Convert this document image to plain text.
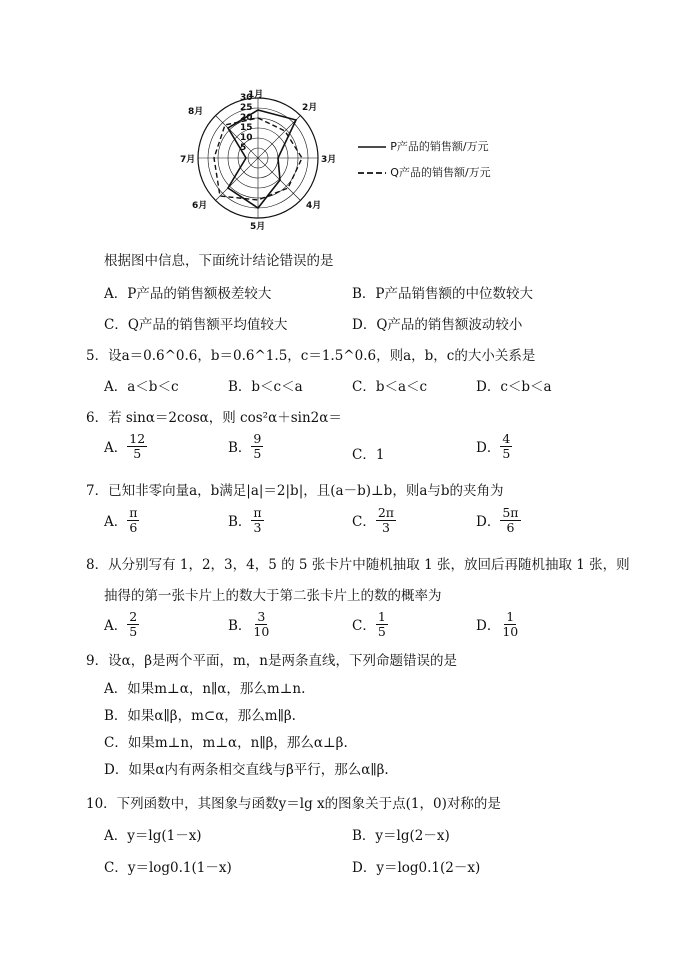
30
25
20
15
10
5
1月
2月
3月
4月
5月
6月
7月
8月
P产品的销售额/万元
Q产品的销售额/万元
根据图中信息，下面统计结论错误的是
A．P产品的销售额极差较大	B．P产品销售额的中位数较大
C．Q产品的销售额平均值较大	D．Q产品的销售额波动较小
5．设a＝0.6^0.6，b＝0.6^1.5，c＝1.5^0.6，则a，b，c的大小关系是
A．a＜b＜c	B．b＜c＜a	C．b＜a＜c	D．c＜b＜a
6．若 sinα＝2cosα，则 cos²α＋sin2α＝
A． $\frac{12}{5}$	B． $\frac{9}{5}$	C．1	D． $\frac{4}{5}$
7．已知非零向量a，b满足|a|＝2|b|，且(a－b)⊥b，则a与b的夹角为
A． $\frac{\pi}{6}$	B． $\frac{\pi}{3}$	C． $\frac{2\pi}{3}$	D． $\frac{5\pi}{6}$
8．从分别写有 1，2，3，4，5 的 5 张卡片中随机抽取 1 张，放回后再随机抽取 1 张，则
抽得的第一张卡片上的数大于第二张卡片上的数的概率为
A． $\frac{2}{5}$	B． $\frac{3}{10}$	C． $\frac{1}{5}$	D． $\frac{1}{10}$
9．设α，β是两个平面，m，n是两条直线，下列命题错误的是
A．如果m⊥α，n∥α，那么m⊥n.
B．如果α∥β，m⊂α，那么m∥β.
C．如果m⊥n，m⊥α，n∥β，那么α⊥β.
D．如果α内有两条相交直线与β平行，那么α∥β.
10．下列函数中，其图象与函数y＝lg x的图象关于点(1，0)对称的是
A．y＝lg(1－x)	B．y＝lg(2－x)
C．y＝log0.1(1－x)	D．y＝log0.1(2－x)
